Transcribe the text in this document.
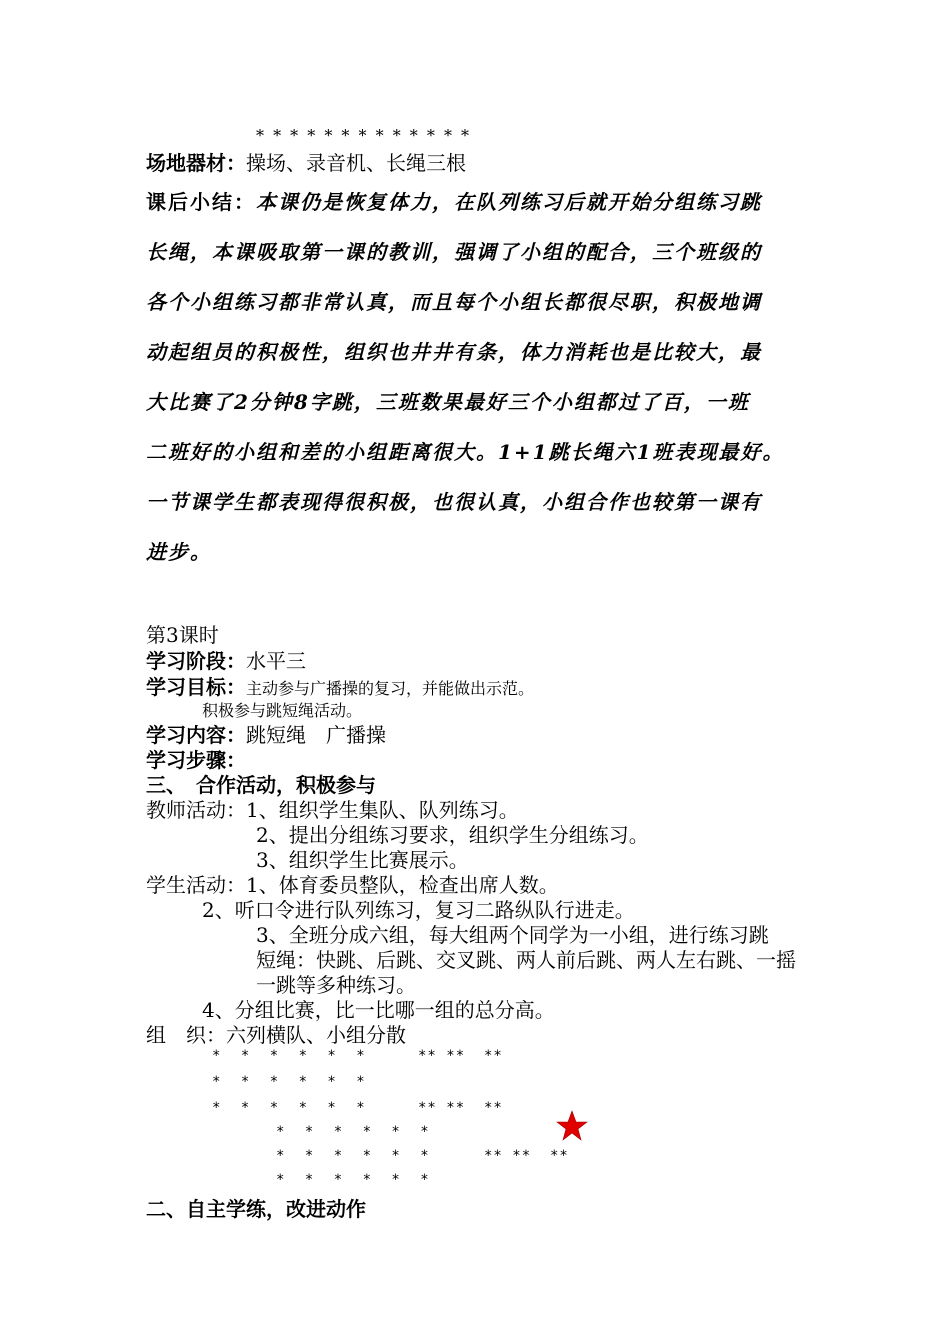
* * * * * * * * * * * * *
场地器材：操场、录音机、长绳三根
课后小结：本课仍是恢复体力，在队列练习后就开始分组练习跳
长绳，本课吸取第一课的教训，强调了小组的配合，三个班级的
各个小组练习都非常认真，而且每个小组长都很尽职，积极地调
动起组员的积极性，组织也井井有条，体力消耗也是比较大，最
大比赛了2分钟8字跳，三班数果最好三个小组都过了百，一班
二班好的小组和差的小组距离很大。1+1跳长绳六1班表现最好。
一节课学生都表现得很积极，也很认真，小组合作也较第一课有
进步。
第3课时
学习阶段：水平三
学习目标：主动参与广播操的复习，并能做出示范。
积极参与跳短绳活动。
学习内容：跳短绳　广播操
学习步骤：
三、　合作活动，积极参与
教师活动：1、组织学生集队、队列练习。
2、提出分组练习要求，组织学生分组练习。
3、组织学生比赛展示。
学生活动：1、体育委员整队，检查出席人数。
2、听口令进行队列练习，复习二路纵队行进走。
3、全班分成六组，每大组两个同学为一小组，进行练习跳
短绳：快跳、后跳、交叉跳、两人前后跳、两人左右跳、一摇
一跳等多种练习。
4、分组比赛，比一比哪一组的总分高。
组　织：六列横队、小组分散
* * * * * *
* * * * * *
* * * * * *
* * * * * *
* * * * * *
* * * * * *
** **  **
** **  **
** **  **
二、自主学练，改进动作
